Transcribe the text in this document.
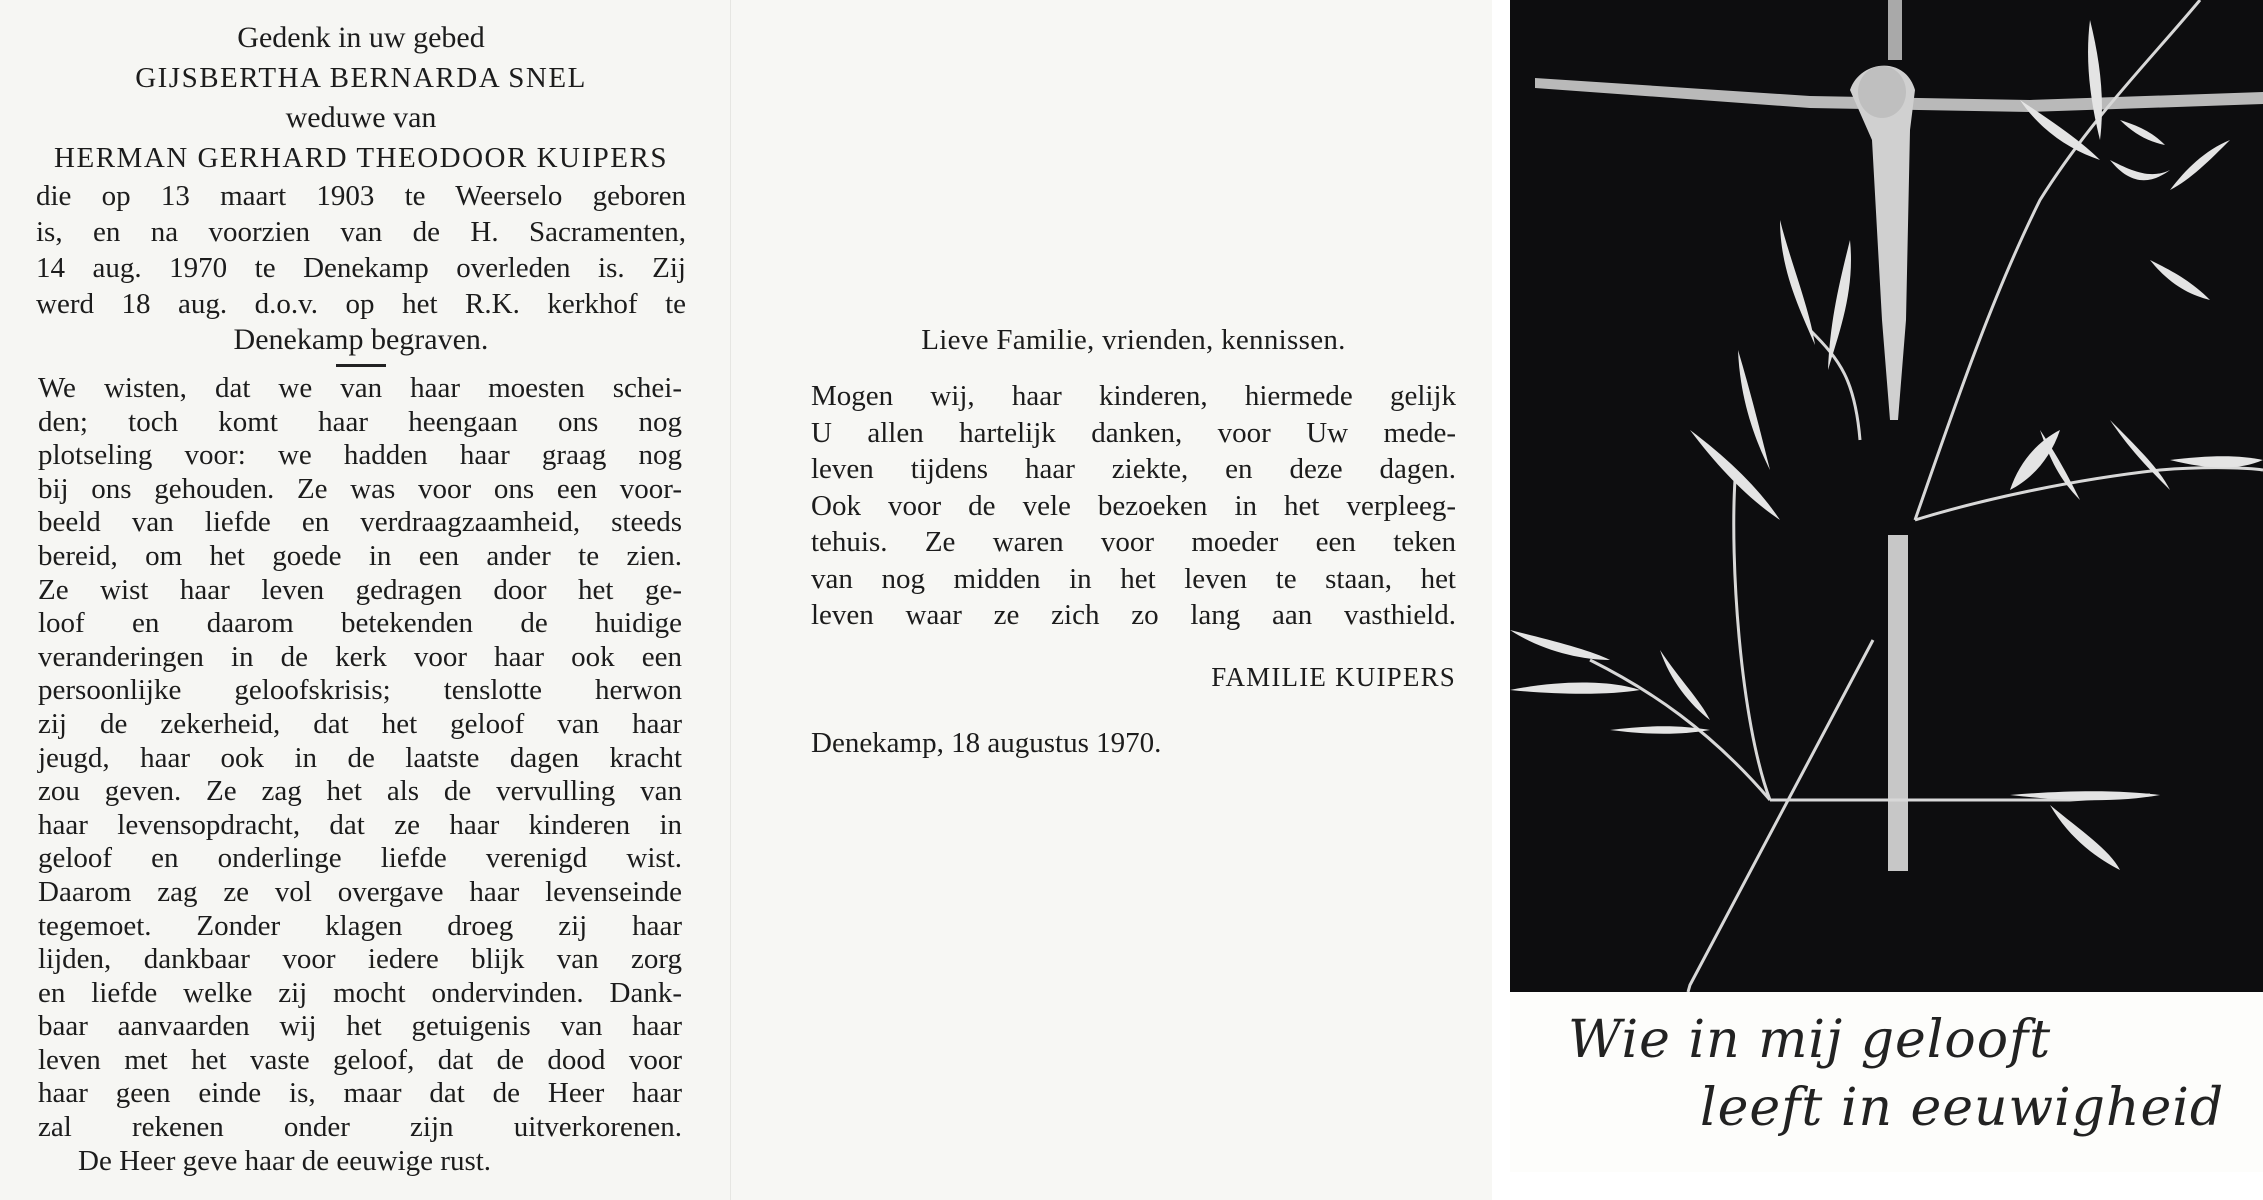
Gedenk in uw gebed
GIJSBERTHA BERNARDA SNEL
weduwe van
HERMAN GERHARD THEODOOR KUIPERS
die op 13 maart 1903 te Weerselo geboren
is, en na voorzien van de H. Sacramenten,
14 aug. 1970 te Denekamp overleden is. Zij
werd 18 aug. d.o.v. op het R.K. kerkhof te
Denekamp begraven.
We wisten, dat we van haar moesten schei-
den; toch komt haar heengaan ons nog
plotseling voor: we hadden haar graag nog
bij ons gehouden. Ze was voor ons een voor-
beeld van liefde en verdraagzaamheid, steeds
bereid, om het goede in een ander te zien.
Ze wist haar leven gedragen door het ge-
loof en daarom betekenden de huidige
veranderingen in de kerk voor haar ook een
persoonlijke geloofskrisis; tenslotte herwon
zij de zekerheid, dat het geloof van haar
jeugd, haar ook in de laatste dagen kracht
zou geven. Ze zag het als de vervulling van
haar levensopdracht, dat ze haar kinderen in
geloof en onderlinge liefde verenigd wist.
Daarom zag ze vol overgave haar levenseinde
tegemoet. Zonder klagen droeg zij haar
lijden, dankbaar voor iedere blijk van zorg
en liefde welke zij mocht ondervinden. Dank-
baar aanvaarden wij het getuigenis van haar
leven met het vaste geloof, dat de dood voor
haar geen einde is, maar dat de Heer haar
zal rekenen onder zijn uitverkorenen.
De Heer geve haar de eeuwige rust.
Lieve Familie, vrienden, kennissen.
Mogen wij, haar kinderen, hiermede gelijk
U allen hartelijk danken, voor Uw mede-
leven tijdens haar ziekte, en deze dagen.
Ook voor de vele bezoeken in het verpleeg-
tehuis. Ze waren voor moeder een teken
van nog midden in het leven te staan, het
leven waar ze zich zo lang aan vasthield.
FAMILIE KUIPERS
Denekamp, 18 augustus 1970.
Wie in mij gelooft
leeft in eeuwigheid
